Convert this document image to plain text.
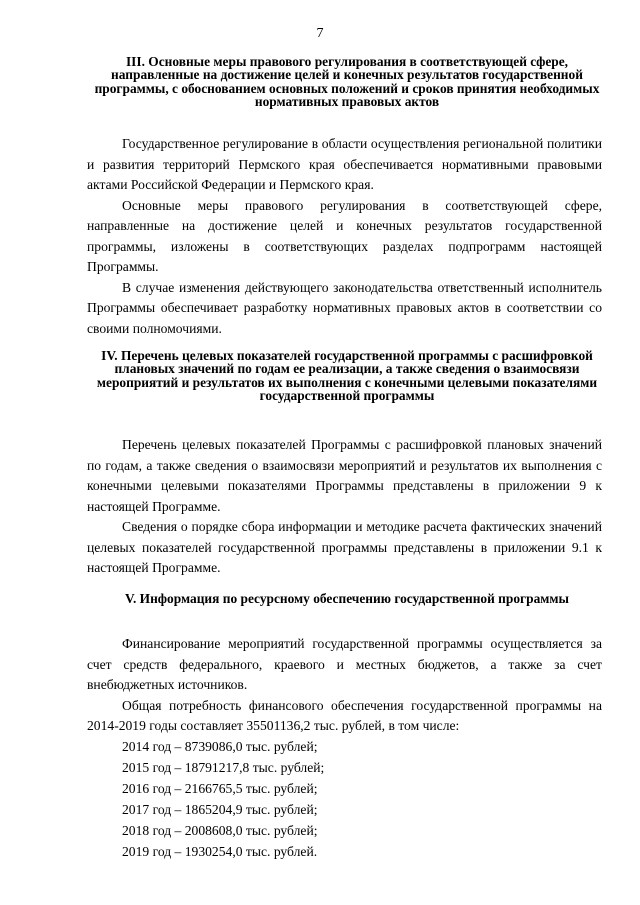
7
III. Основные меры правового регулирования в соответствующей сфере, направленные на достижение целей и конечных результатов государственной программы, с обоснованием основных положений и сроков принятия необходимых нормативных правовых актов

Государственное регулирование в области осуществления региональной политики и развития территорий Пермского края обеспечивается нормативными правовыми актами Российской Федерации и Пермского края.

Основные меры правового регулирования в соответствующей сфере, направленные на достижение целей и конечных результатов государственной программы, изложены в соответствующих разделах подпрограмм настоящей Программы.

В случае изменения действующего законодательства ответственный исполнитель Программы обеспечивает разработку нормативных правовых актов в соответствии со своими полномочиями.

IV. Перечень целевых показателей государственной программы с расшифровкой плановых значений по годам ее реализации, а также сведения о взаимосвязи мероприятий и результатов их выполнения с конечными целевыми показателями государственной программы

Перечень целевых показателей Программы с расшифровкой плановых значений по годам, а также сведения о взаимосвязи мероприятий и результатов их выполнения с конечными целевыми показателями Программы представлены в приложении 9 к настоящей Программе.

Сведения о порядке сбора информации и методике расчета фактических значений целевых показателей государственной программы представлены в приложении 9.1 к настоящей Программе.

V. Информация по ресурсному обеспечению государственной программы

Финансирование мероприятий государственной программы осуществляется за счет средств федерального, краевого и местных бюджетов, а также за счет внебюджетных источников.

Общая потребность финансового обеспечения государственной программы на 2014-2019 годы составляет 35501136,2 тыс. рублей, в том числе:

2014 год – 8739086,0 тыс. рублей;
2015 год – 18791217,8 тыс. рублей;
2016 год – 2166765,5 тыс. рублей;
2017 год – 1865204,9 тыс. рублей;
2018 год – 2008608,0 тыс. рублей;
2019 год – 1930254,0 тыс. рублей.
